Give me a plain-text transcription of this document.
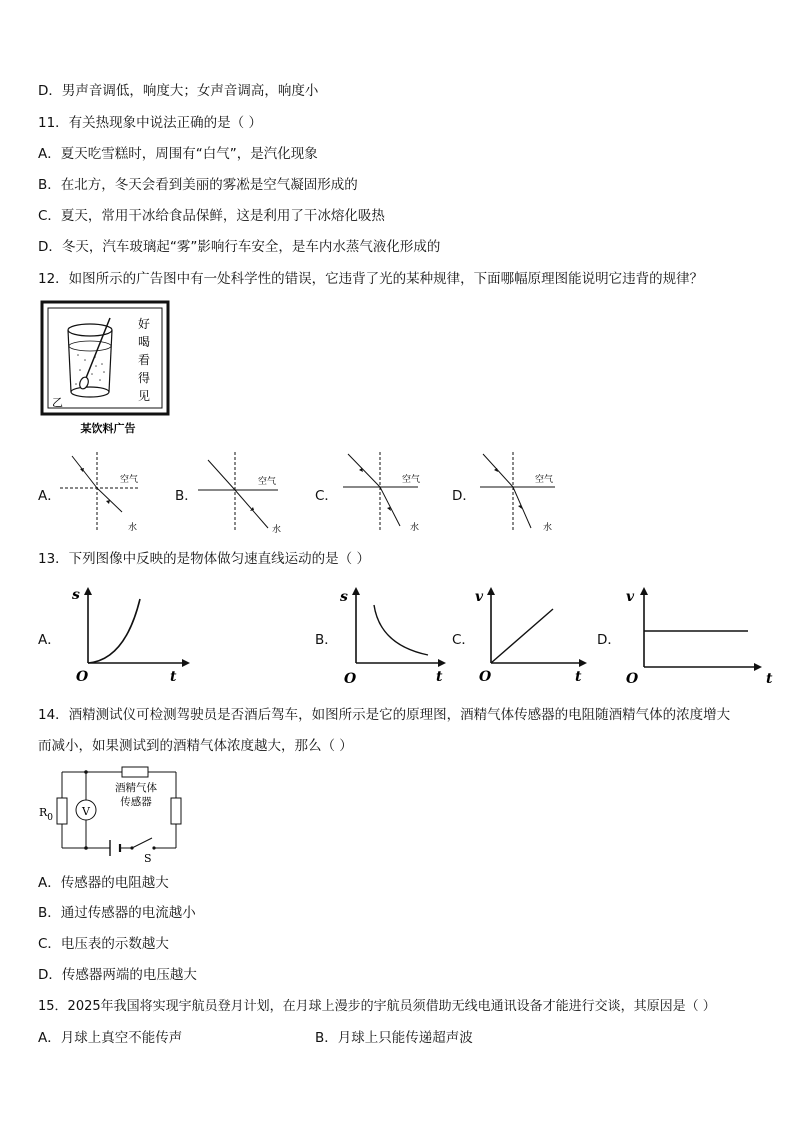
D．男声音调低，响度大；女声音调高，响度小
11．有关热现象中说法正确的是（ ）
A．夏天吃雪糕时，周围有“白气”，是汽化现象
B．在北方，冬天会看到美丽的雾凇是空气凝固形成的
C．夏天，常用干冰给食品保鲜，这是利用了干冰熔化吸热
D．冬天，汽车玻璃起“雾”影响行车安全，是车内水蒸气液化形成的
12．如图所示的广告图中有一处科学性的错误，它违背了光的某种规律，下面哪幅原理图能说明它违背的规律？
好
喝
看
得
见
乙
某饮料广告
A．	B．	C．	D．
空气
水
空气
水
空气
水
空气
水
13．下列图像中反映的是物体做匀速直线运动的是（ ）
A．	B．	C．	D．
s
t
O
s
t
O
v
t
O
v
t
O
14．酒精测试仪可检测驾驶员是否酒后驾车，如图所示是它的原理图，酒精气体传感器的电阻随酒精气体的浓度增大
而减小，如果测试到的酒精气体浓度越大，那么（ ）
V
$R_0$
酒精气体
传感器
S
A．传感器的电阻越大
B．通过传感器的电流越小
C．电压表的示数越大
D．传感器两端的电压越大
15．2025年我国将实现宇航员登月计划，在月球上漫步的宇航员须借助无线电通讯设备才能进行交谈，其原因是（ ）
A．月球上真空不能传声	B．月球上只能传递超声波
